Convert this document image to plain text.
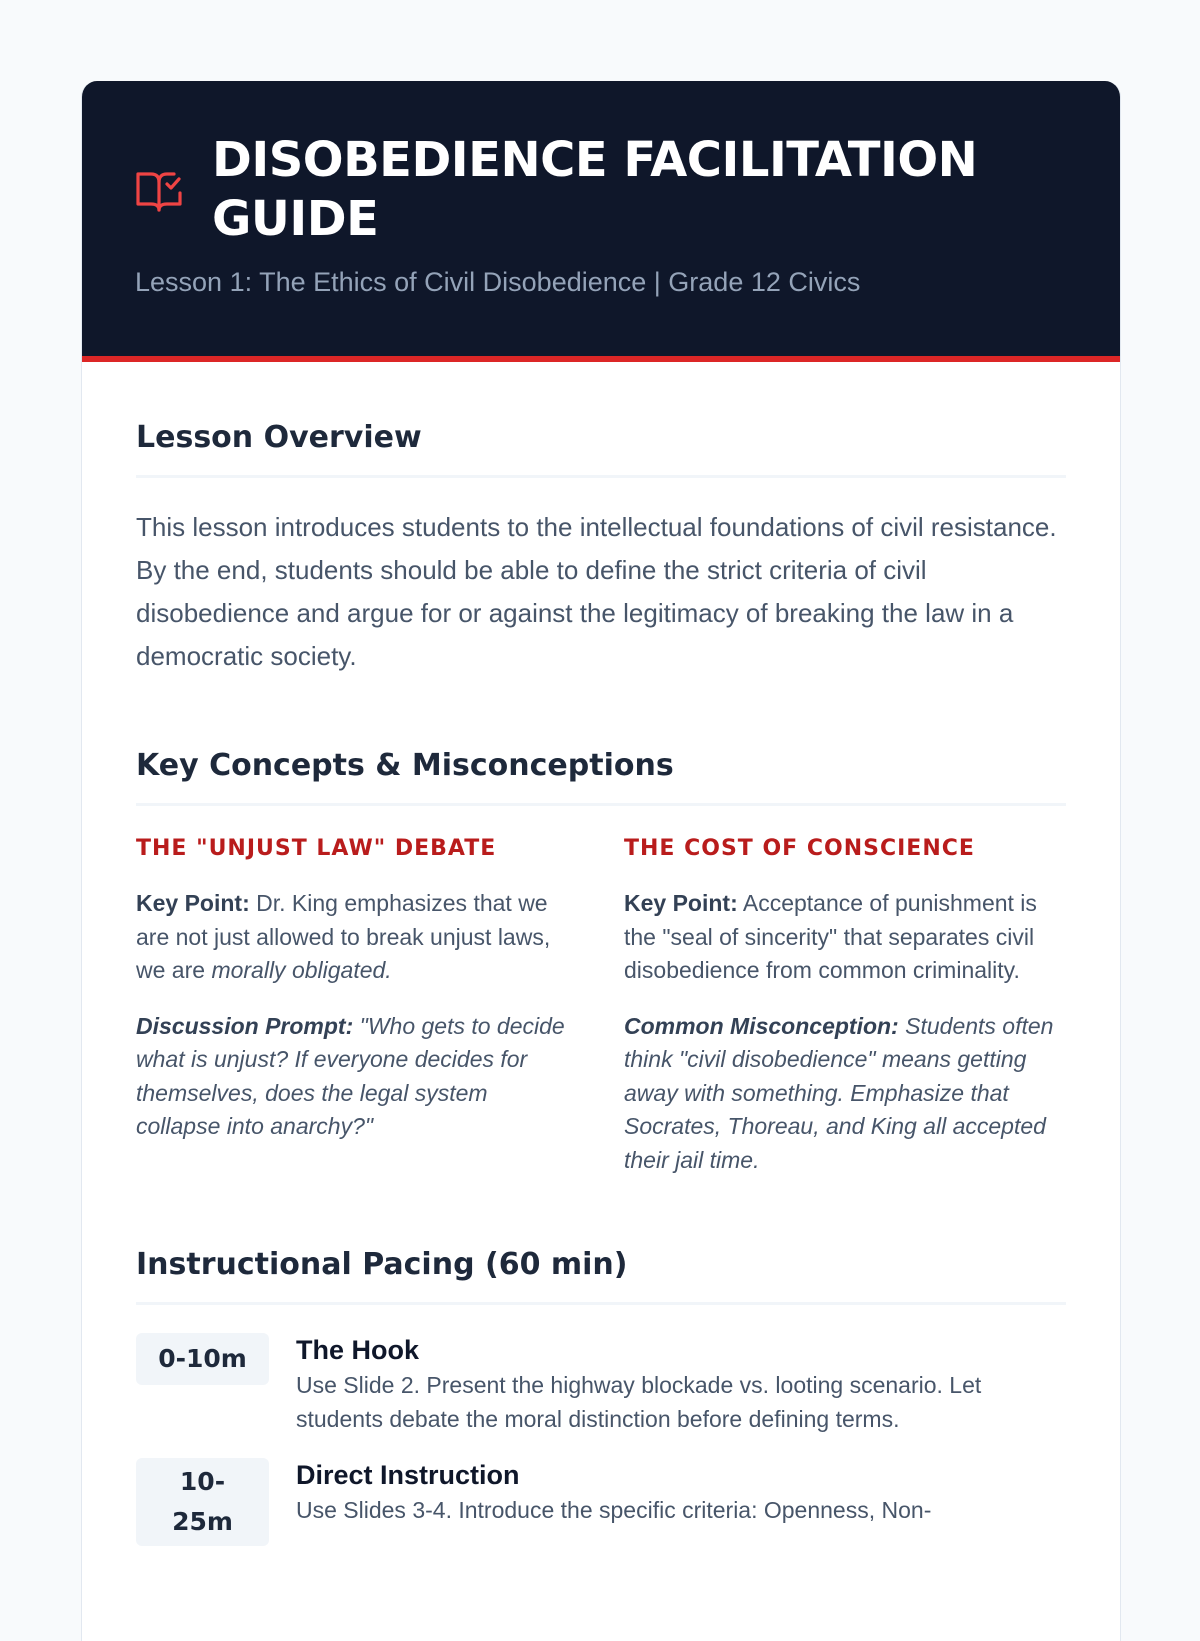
DISOBEDIENCE FACILITATION GUIDE

Lesson 1: The Ethics of Civil Disobedience | Grade 12 Civics

Lesson Overview

This lesson introduces students to the intellectual foundations of civil resistance. By the end, students should be able to define the strict criteria of civil disobedience and argue for or against the legitimacy of breaking the law in a democratic society.

Key Concepts & Misconceptions
THE "UNJUST LAW" DEBATE

Key Point: Dr. King emphasizes that we are not just allowed to break unjust laws, we are morally obligated.

Discussion Prompt: "Who gets to decide what is unjust? If everyone decides for themselves, does the legal system collapse into anarchy?"

THE COST OF CONSCIENCE

Key Point: Acceptance of punishment is the "seal of sincerity" that separates civil disobedience from common criminality.

Common Misconception: Students often think "civil disobedience" means getting away with something. Emphasize that Socrates, Thoreau, and King all accepted their jail time.

Instructional Pacing (60 min)
0-10m	The Hook

Use Slide 2. Present the highway blockade vs. looting scenario. Let students debate the moral distinction before defining terms.

10-
25m

Direct Instruction

Use Slides 3-4. Introduce the specific criteria: Openness, Non-
